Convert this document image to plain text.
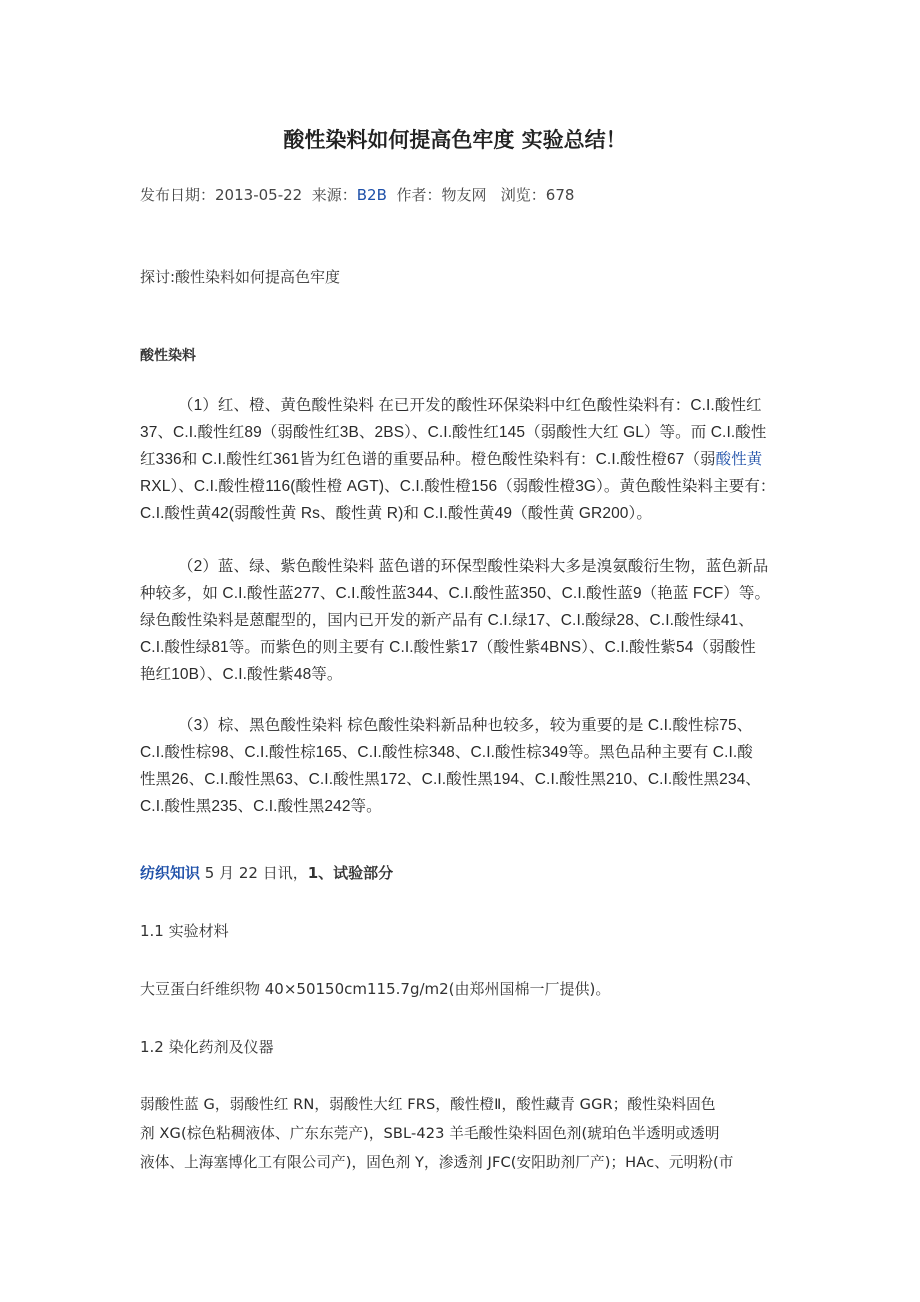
酸性染料如何提高色牢度 实验总结！
发布日期：2013-05-22 来源：B2B 作者：物友网 浏览：678
探讨:酸性染料如何提高色牢度
酸性染料
（1）红、橙、黄色酸性染料 在已开发的酸性环保染料中红色酸性染料有：C.I.酸性红
37、C.I.酸性红89（弱酸性红3B、2BS）、C.I.酸性红145（弱酸性大红 GL）等。而 C.I.酸性
红336和 C.I.酸性红361皆为红色谱的重要品种。橙色酸性染料有：C.I.酸性橙67（弱酸性黄
RXL）、C.I.酸性橙116(酸性橙 AGT)、C.I.酸性橙156（弱酸性橙3G）。黄色酸性染料主要有：
C.I.酸性黄42(弱酸性黄 Rs、酸性黄 R)和 C.I.酸性黄49（酸性黄 GR200）。
（2）蓝、绿、紫色酸性染料 蓝色谱的环保型酸性染料大多是溴氨酸衍生物，蓝色新品
种较多，如 C.I.酸性蓝277、C.I.酸性蓝344、C.I.酸性蓝350、C.I.酸性蓝9（艳蓝 FCF）等。
绿色酸性染料是蒽醌型的，国内已开发的新产品有 C.I.绿17、C.I.酸绿28、C.I.酸性绿41、
C.I.酸性绿81等。而紫色的则主要有 C.I.酸性紫17（酸性紫4BNS）、C.I.酸性紫54（弱酸性
艳红10B）、C.I.酸性紫48等。
（3）棕、黑色酸性染料 棕色酸性染料新品种也较多，较为重要的是 C.I.酸性棕75、
C.I.酸性棕98、C.I.酸性棕165、C.I.酸性棕348、C.I.酸性棕349等。黑色品种主要有 C.I.酸
性黑26、C.I.酸性黑63、C.I.酸性黑172、C.I.酸性黑194、C.I.酸性黑210、C.I.酸性黑234、
C.I.酸性黑235、C.I.酸性黑242等。
纺织知识 5 月 22 日讯，1、试验部分
1.1 实验材料
大豆蛋白纤维织物 40×50150cm115.7g/m2(由郑州国棉一厂提供)。
1.2 染化药剂及仪器
弱酸性蓝 G，弱酸性红 RN，弱酸性大红 FRS，酸性橙Ⅱ，酸性藏青 GGR；酸性染料固色
剂 XG(棕色粘稠液体、广东东莞产)，SBL-423 羊毛酸性染料固色剂(琥珀色半透明或透明
液体、上海塞博化工有限公司产)，固色剂 Y，渗透剂 JFC(安阳助剂厂产)；HAc、元明粉(市
